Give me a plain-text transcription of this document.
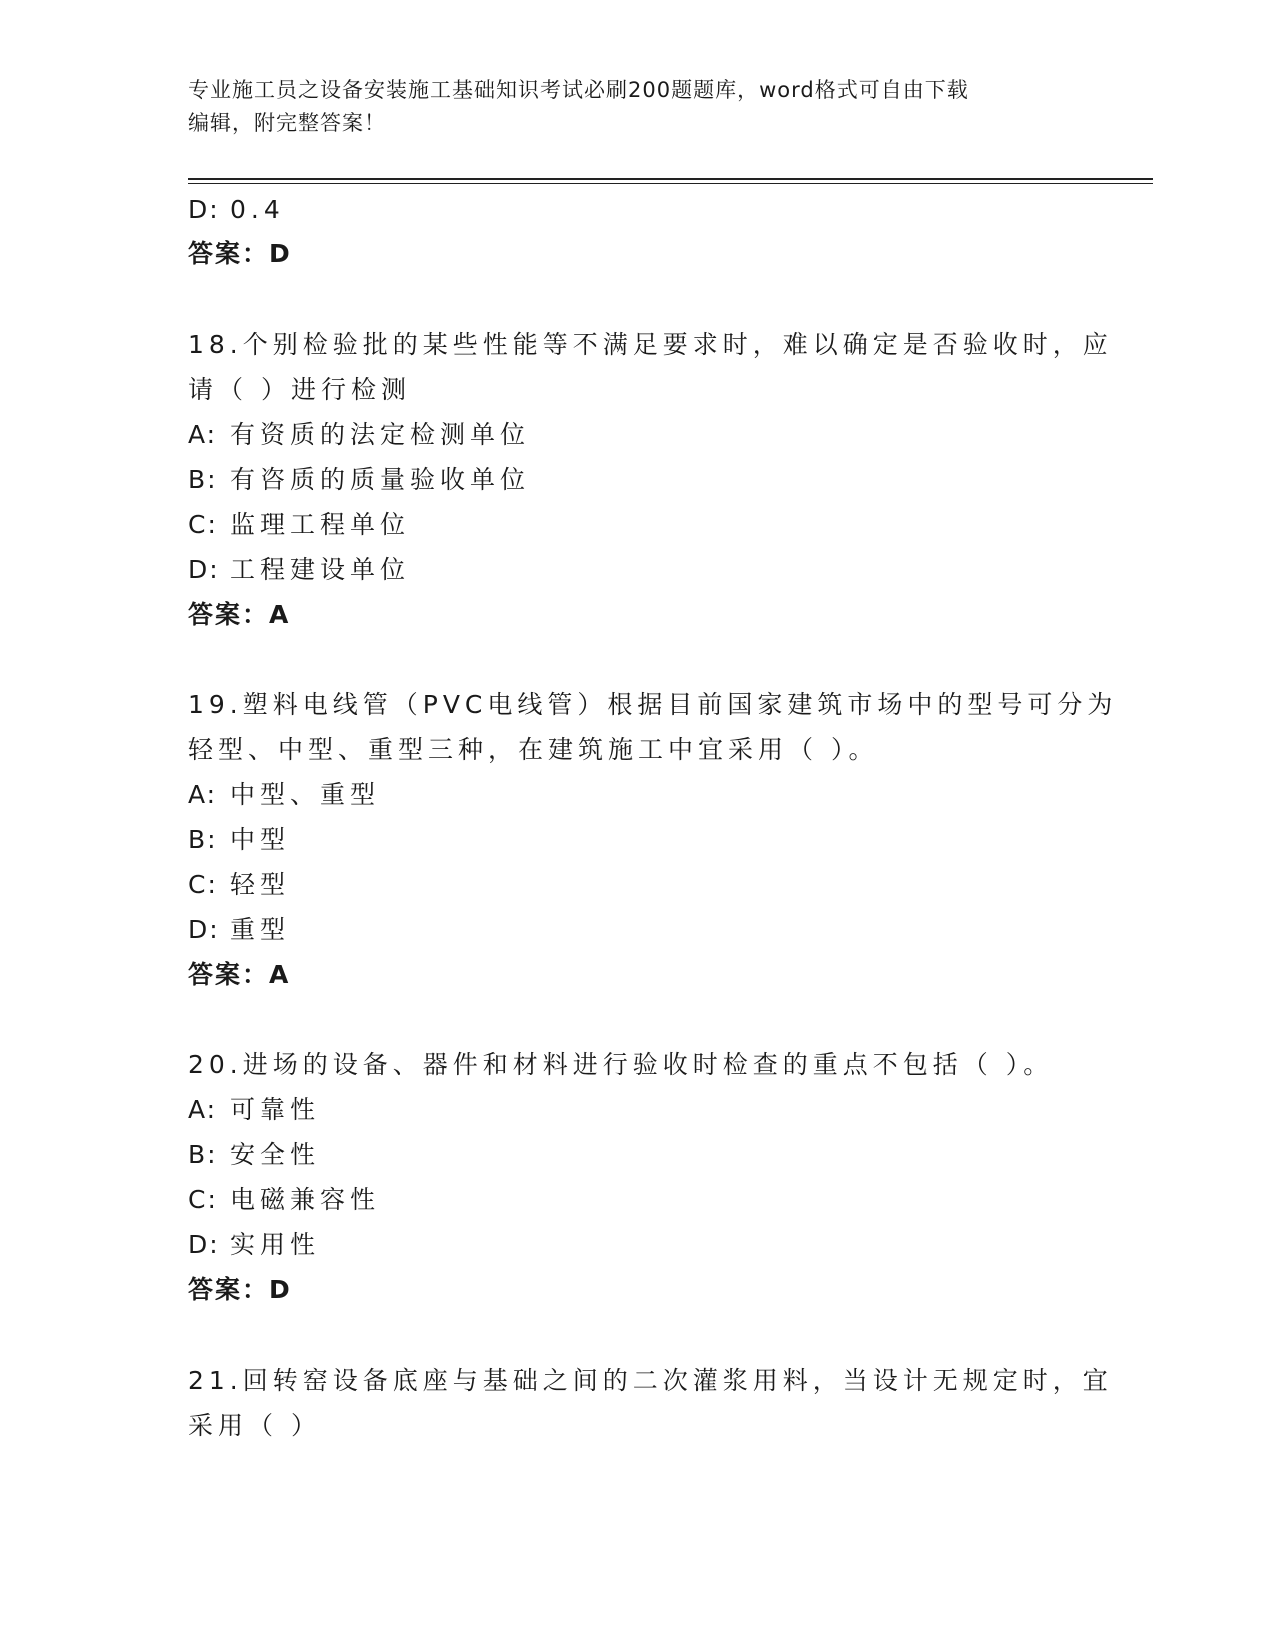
专业施工员之设备安装施工基础知识考试必刷200题题库，word格式可自由下载
编辑，附完整答案！
D: 0.4
答案：D
18.个别检验批的某些性能等不满足要求时，难以确定是否验收时，应
请（ ）进行检测
A: 有资质的法定检测单位
B: 有咨质的质量验收单位
C: 监理工程单位
D: 工程建设单位
答案：A
19.塑料电线管（PVC电线管）根据目前国家建筑市场中的型号可分为
轻型、中型、重型三种，在建筑施工中宜采用（ ）。
A: 中型、重型
B: 中型
C: 轻型
D: 重型
答案：A
20.进场的设备、器件和材料进行验收时检查的重点不包括（ ）。
A: 可靠性
B: 安全性
C: 电磁兼容性
D: 实用性
答案：D
21.回转窑设备底座与基础之间的二次灌浆用料，当设计无规定时，宜
采用（ ）
